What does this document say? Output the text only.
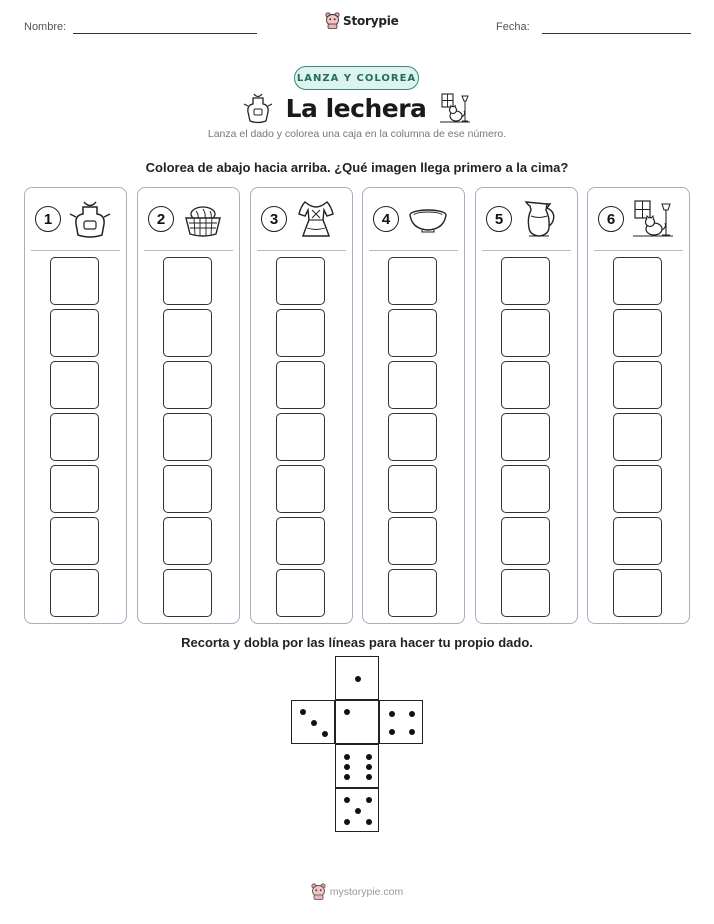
Nombre:	Storypie	Fecha:
LANZA Y COLOREA
La lechera
Lanza el dado y colorea una caja en la columna de ese número.
Colorea de abajo hacia arriba. ¿Qué imagen llega primero a la cima?
1	2	3	4	5	6
Recorta y dobla por las líneas para hacer tu propio dado.
mystorypie.com
